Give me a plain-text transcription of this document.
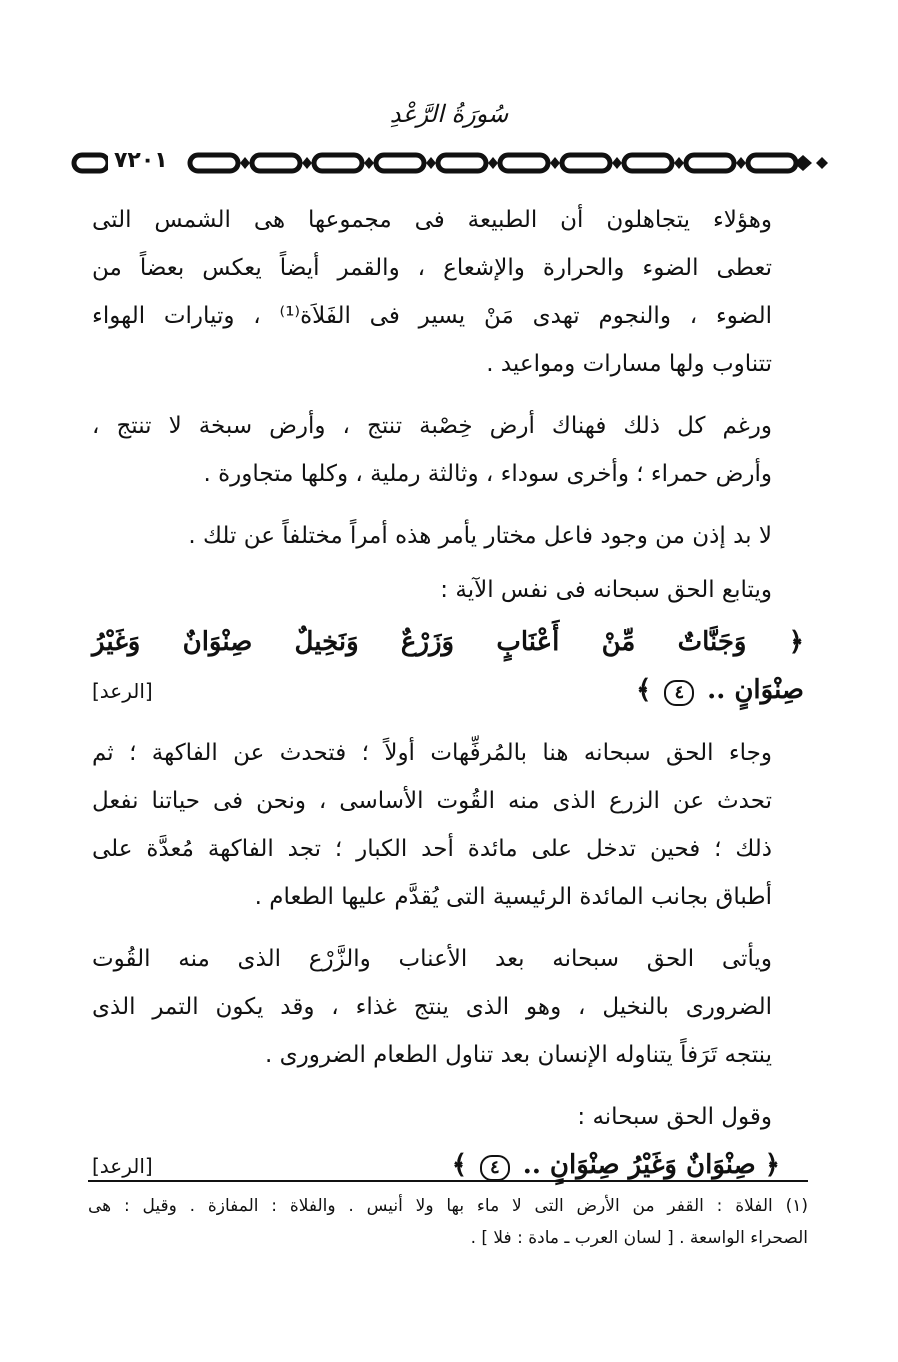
سُورَةُ الرَّعْدِ
٧٢٠١

وهؤلاء يتجاهلون أن الطبيعة فى مجموعها هى الشمس التى
تعطى الضوء والحرارة والإشعاع ، والقمر أيضاً يعكس بعضاً من
الضوء ، والنجوم تهدى مَنْ يسير فى الفَلاَة⁽¹⁾ ، وتيارات الهواء
تتناوب ولها مسارات ومواعيد .

ورغم كل ذلك فهناك أرض خِصْبة تنتج ، وأرض سبخة لا تنتج ،
وأرض حمراء ؛ وأخرى سوداء ، وثالثة رملية ، وكلها متجاورة .

لا بد إذن من وجود فاعل مختار يأمر هذه أمراً مختلفاً عن تلك .

ويتابع الحق سبحانه فى نفس الآية :

﴿ وَجَنَّاتٌ مِّنْ أَعْنَابٍ وَزَرْعٌ وَنَخِيلٌ صِنْوَانٌ وَغَيْرُ
صِنْوَانٍ .. ٤ ﴾
[الرعد]

وجاء الحق سبحانه هنا بالمُرفِّهات أولاً ؛ فتحدث عن الفاكهة ؛ ثم
تحدث عن الزرع الذى منه القُوت الأساسى ، ونحن فى حياتنا نفعل
ذلك ؛ فحين تدخل على مائدة أحد الكبار ؛ تجد الفاكهة مُعدَّة على
أطباق بجانب المائدة الرئيسية التى يُقدَّم عليها الطعام .

ويأتى الحق سبحانه بعد الأعناب والزَّرْع الذى منه القُوت
الضرورى بالنخيل ، وهو الذى ينتج غذاء ، وقد يكون التمر الذى
ينتجه تَرَفاً يتناوله الإنسان بعد تناول الطعام الضرورى .

وقول الحق سبحانه :

﴿ صِنْوَانٌ وَغَيْرُ صِنْوَانٍ .. ٤ ﴾
[الرعد]
(١) الفلاة : القفر من الأرض التى لا ماء بها ولا أنيس . والفلاة : المفازة . وقيل : هى
الصحراء الواسعة . [ لسان العرب ـ مادة : فلا ] .
